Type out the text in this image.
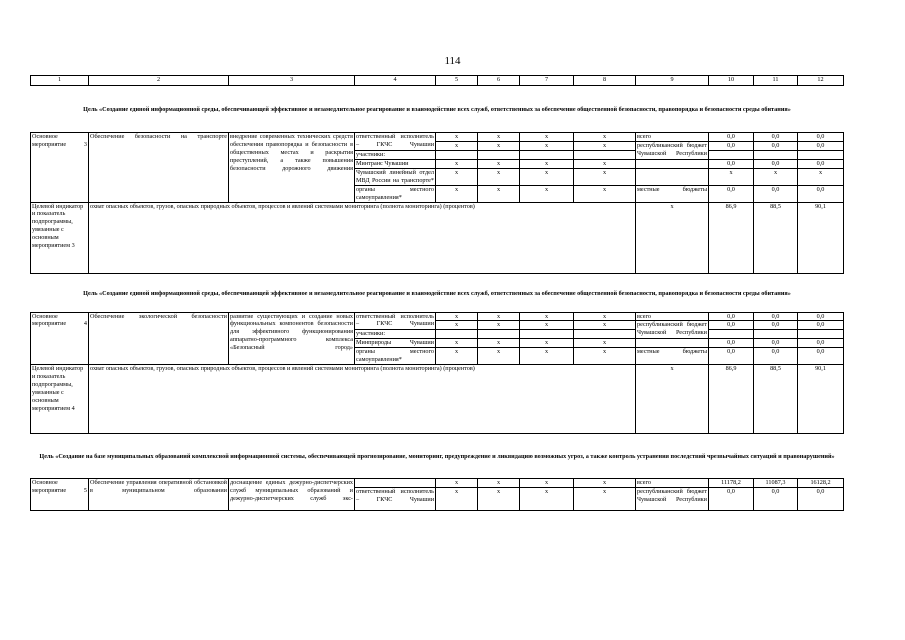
114
1	2	3	4	5	6	7	8	9	10	11	12
Цель «Создание единой информационной среды, обеспечивающей эффективное и незамедлительное реагирование и взаимодействие всех служб, ответственных за обеспечение общественной безопасности, правопорядка и безопасности среды обитания»											
Основное мероприятие 3	Обеспечение безопасности на транспорте	внедрение современных технических средств обеспечения правопорядка и безопасности в общественных местах и раскрытия преступлений, а также повышения безопасности дорожного движения	ответственный исполнитель – ГКЧС Чувашии	x	x	x	x	всего	0,0	0,0	0,0
				x	x	x	x	республиканский бюджет Чувашской Республики	0,0	0,0	0,0
			участники:								
			Минтранс Чувашии	x	x	x	x		0,0	0,0	0,0
			Чувашский линейный отдел МВД России на транспорте*	x	x	x	x		x	x	x
			органы местного самоуправления*	x	x	x	x	местные бюджеты	0,0	0,0	0,0
Целевой индикатор и показатель подпрограммы, увязанные с основным мероприятием 3	охват опасных объектов, грузов, опасных природных объектов, процессов и явлений системами мониторинга (полнота мониторинга) (процентов)							x	86,9	88,5	90,1
Цель «Создание единой информационной среды, обеспечивающей эффективное и незамедлительное реагирование и взаимодействие всех служб, ответственных за обеспечение общественной безопасности, правопорядка и безопасности среды обитания»											
Основное мероприятие 4	Обеспечение экологической безопасности	развитие существующих и создание новых функциональных компонентов безопасности для эффективного функционирования аппаратно-программного комплекса «Безопасный город»	ответственный исполнитель – ГКЧС Чувашии	x	x	x	x	всего	0,0	0,0	0,0
				x	x	x	x	республиканский бюджет Чувашской Республики	0,0	0,0	0,0
			участники:								
			Минприроды Чувашии	x	x	x	x		0,0	0,0	0,0
			органы местного самоуправления*	x	x	x	x	местные бюджеты	0,0	0,0	0,0
Целевой индикатор и показатель подпрограммы, увязанные с основным мероприятием 4	охват опасных объектов, грузов, опасных природных объектов, процессов и явлений системами мониторинга (полнота мониторинга) (процентов)							x	86,9	88,5	90,1
Цель «Создание на базе муниципальных образований комплексной информационной системы, обеспечивающей прогнозирование, мониторинг, предупреждение и ликвидацию возможных угроз, а также контроль устранения последствий чрезвычайных ситуаций и правонарушений»											
Основное мероприятие 5	Обеспечение управления оперативной обстановкой в муниципальном образовании	доснащение единых дежурно-диспетчерских служб муниципальных образований и дежурно-диспетчерских служб экс-		x	x	x	x	всего	11178,2	11087,3	16128,2
			ответственный исполнитель – ГКЧС Чувашии	x	x	x	x	республиканский бюджет Чувашской Республики	0,0	0,0	0,0
